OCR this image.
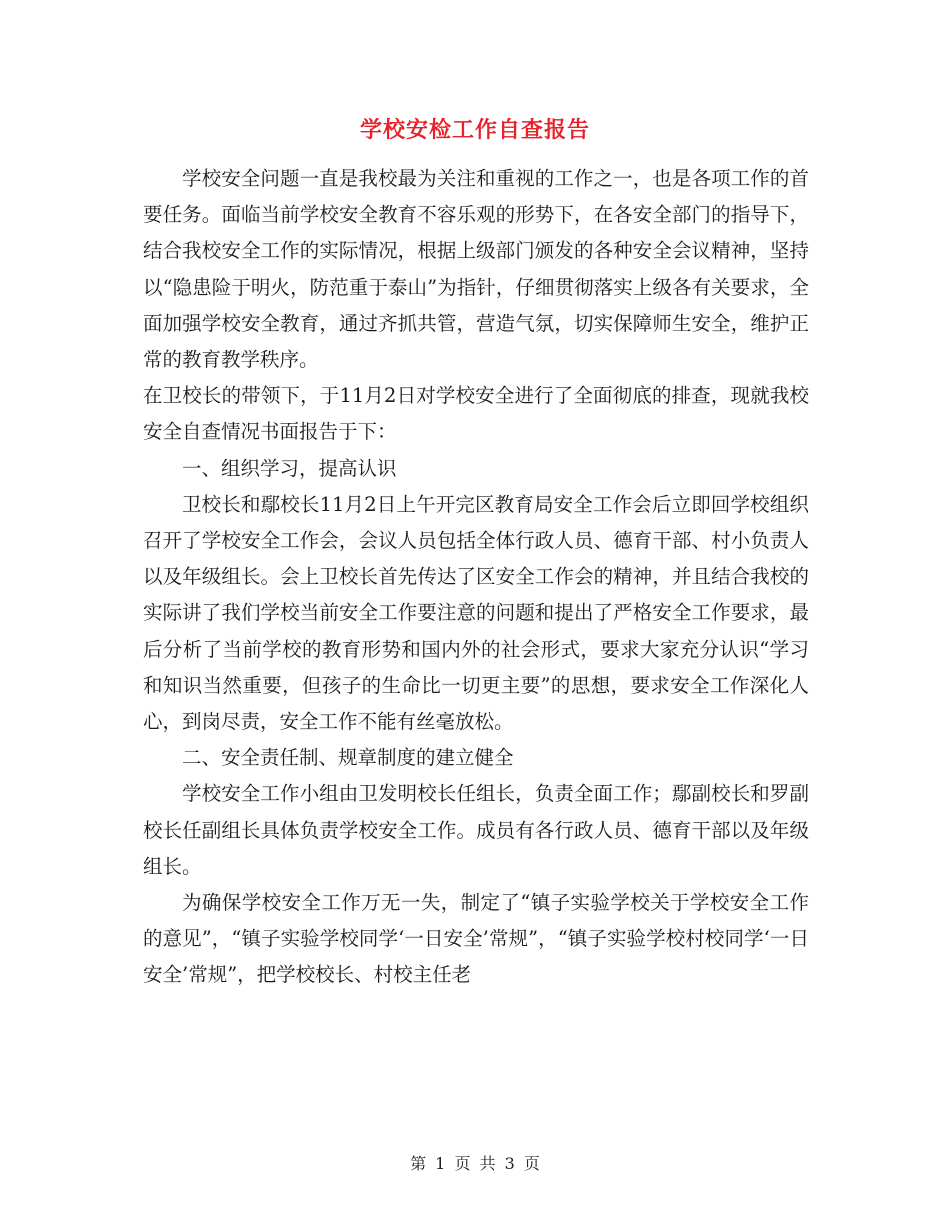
学校安检工作自查报告

学校安全问题一直是我校最为关注和重视的工作之一，也是各项工作的首要任务。面临当前学校安全教育不容乐观的形势下，在各安全部门的指导下，结合我校安全工作的实际情况，根据上级部门颁发的各种安全会议精神，坚持以“隐患险于明火，防范重于泰山”为指针，仔细贯彻落实上级各有关要求，全面加强学校安全教育，通过齐抓共管，营造气氛，切实保障师生安全，维护正常的教育教学秩序。

在卫校长的带领下，于11月2日对学校安全进行了全面彻底的排查，现就我校安全自查情况书面报告于下：

一、组织学习，提高认识

卫校长和鄢校长11月2日上午开完区教育局安全工作会后立即回学校组织召开了学校安全工作会，会议人员包括全体行政人员、德育干部、村小负责人以及年级组长。会上卫校长首先传达了区安全工作会的精神，并且结合我校的实际讲了我们学校当前安全工作要注意的问题和提出了严格安全工作要求，最后分析了当前学校的教育形势和国内外的社会形式，要求大家充分认识“学习和知识当然重要，但孩子的生命比一切更主要”的思想，要求安全工作深化人心，到岗尽责，安全工作不能有丝毫放松。

二、安全责任制、规章制度的建立健全

学校安全工作小组由卫发明校长任组长，负责全面工作；鄢副校长和罗副校长任副组长具体负责学校安全工作。成员有各行政人员、德育干部以及年级组长。

为确保学校安全工作万无一失，制定了“镇子实验学校关于学校安全工作的意见”，“镇子实验学校同学‘一日安全’常规”，“镇子实验学校村校同学‘一日安全’常规”，把学校校长、村校主任老

第 1 页 共 3 页
